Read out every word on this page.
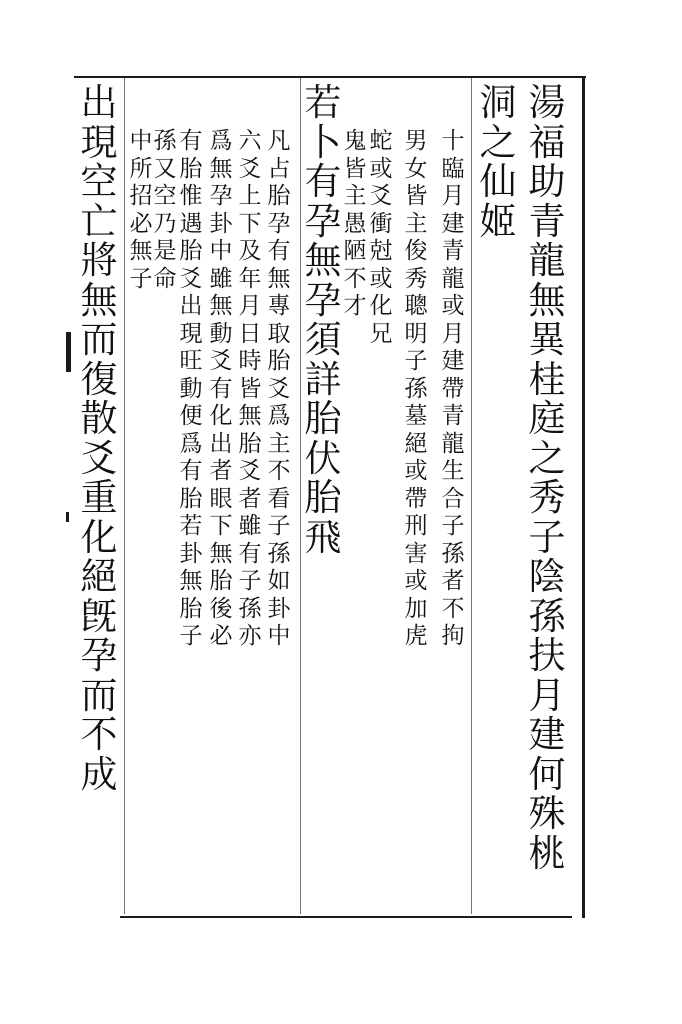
湯
福
助
青
龍
無
異
桂
庭
之
秀
子
陰
孫
扶
月
建
何
殊
桃
洞
之
仙
姬
十
臨
月
建
青
龍
或
月
建
帶
青
龍
生
合
子
孫
者
不
拘
男
女
皆
主
俊
秀
聰
明
子
孫
墓
絕
或
帶
刑
害
或
加
虎
蛇
或
爻
衝
尅
或
化
兄
鬼
皆
主
愚
陋
不
才
若
卜
有
孕
無
孕
須
詳
胎
伏
胎
飛
凡
占
胎
孕
有
無
專
取
胎
爻
爲
主
不
看
子
孫
如
卦
中
六
爻
上
下
及
年
月
日
時
皆
無
胎
爻
者
雖
有
子
孫
亦
爲
無
孕
卦
中
雖
無
動
爻
有
化
出
者
眼
下
無
胎
後
必
有
胎
惟
遇
胎
爻
出
現
旺
動
便
爲
有
胎
若
卦
無
胎
子
孫
又
空
乃
是
命
中
所
招
必
無
子
出
現
空
亡
將
無
而
復
散
爻
重
化
絕
旣
孕
而
不
成
